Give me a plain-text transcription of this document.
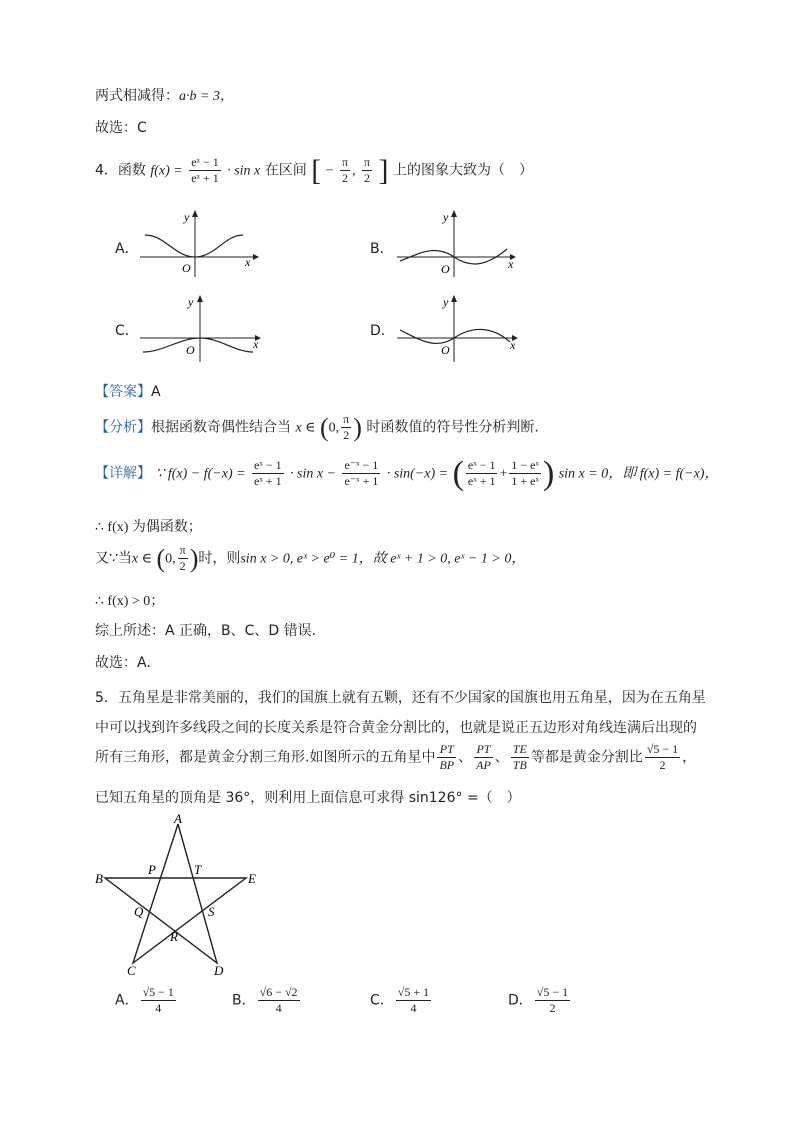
两式相减得：a·b = 3，
故选：C
4．函数 $f(x) = \frac{\text{eˣ − 1}}{\text{eˣ + 1}} \cdot \sin x$ 在区间 [ − $\frac{\pi}{2}$ , $\frac{\pi}{2}$ ] 上的图象大致为（　）
A．
x
y
O
B．
x
y
O
C．
x
y
O
D．
x
y
O
【答案】A
【分析】根据函数奇偶性结合当 x ∈ (0, $\frac{\pi}{2}$ ) 时函数值的符号性分析判断.
【详解】 ∵ $f(x) - f(-x) = \frac{\text{eˣ − 1}}{\text{eˣ + 1}} \cdot \sin x - \frac{\text{e⁻ˣ − 1}}{\text{e⁻ˣ + 1}} \cdot \sin(-x)$ = ( $\frac{\text{eˣ − 1}}{\text{eˣ + 1}} + \frac{\text{1 − eˣ}}{\text{1 + eˣ}}$ ) sin x = 0，即 f(x) = f(−x)，
∴ f(x) 为偶函数；
又∵当x ∈ (0, $\frac{\pi}{2}$ )时，则sin x > 0, eˣ > e⁰ = 1，故 eˣ + 1 > 0, eˣ − 1 > 0，
∴ f(x) > 0；
综上所述：A 正确，B、C、D 错误.
故选：A.
5．五角星是非常美丽的，我们的国旗上就有五颗，还有不少国家的国旗也用五角星，因为在五角星
中可以找到许多线段之间的长度关系是符合黄金分割比的，也就是说正五边形对角线连满后出现的
所有三角形，都是黄金分割三角形.如图所示的五角星中 $\frac{PT}{BP}$ 、 $\frac{PT}{AP}$ 、 $\frac{TE}{TB}$ 等都是黄金分割比 $\frac{√5 - 1}{2}$ ，
已知五角星的顶角是 36°，则利用上面信息可求得 sin126° =（　）
A
B	E
C	D
P	T
Q	S
R
A． $\frac{√5 - 1}{4}$	B． $\frac{√6 - √2}{4}$	C． $\frac{√5 + 1}{4}$	D． $\frac{√5 - 1}{2}$
